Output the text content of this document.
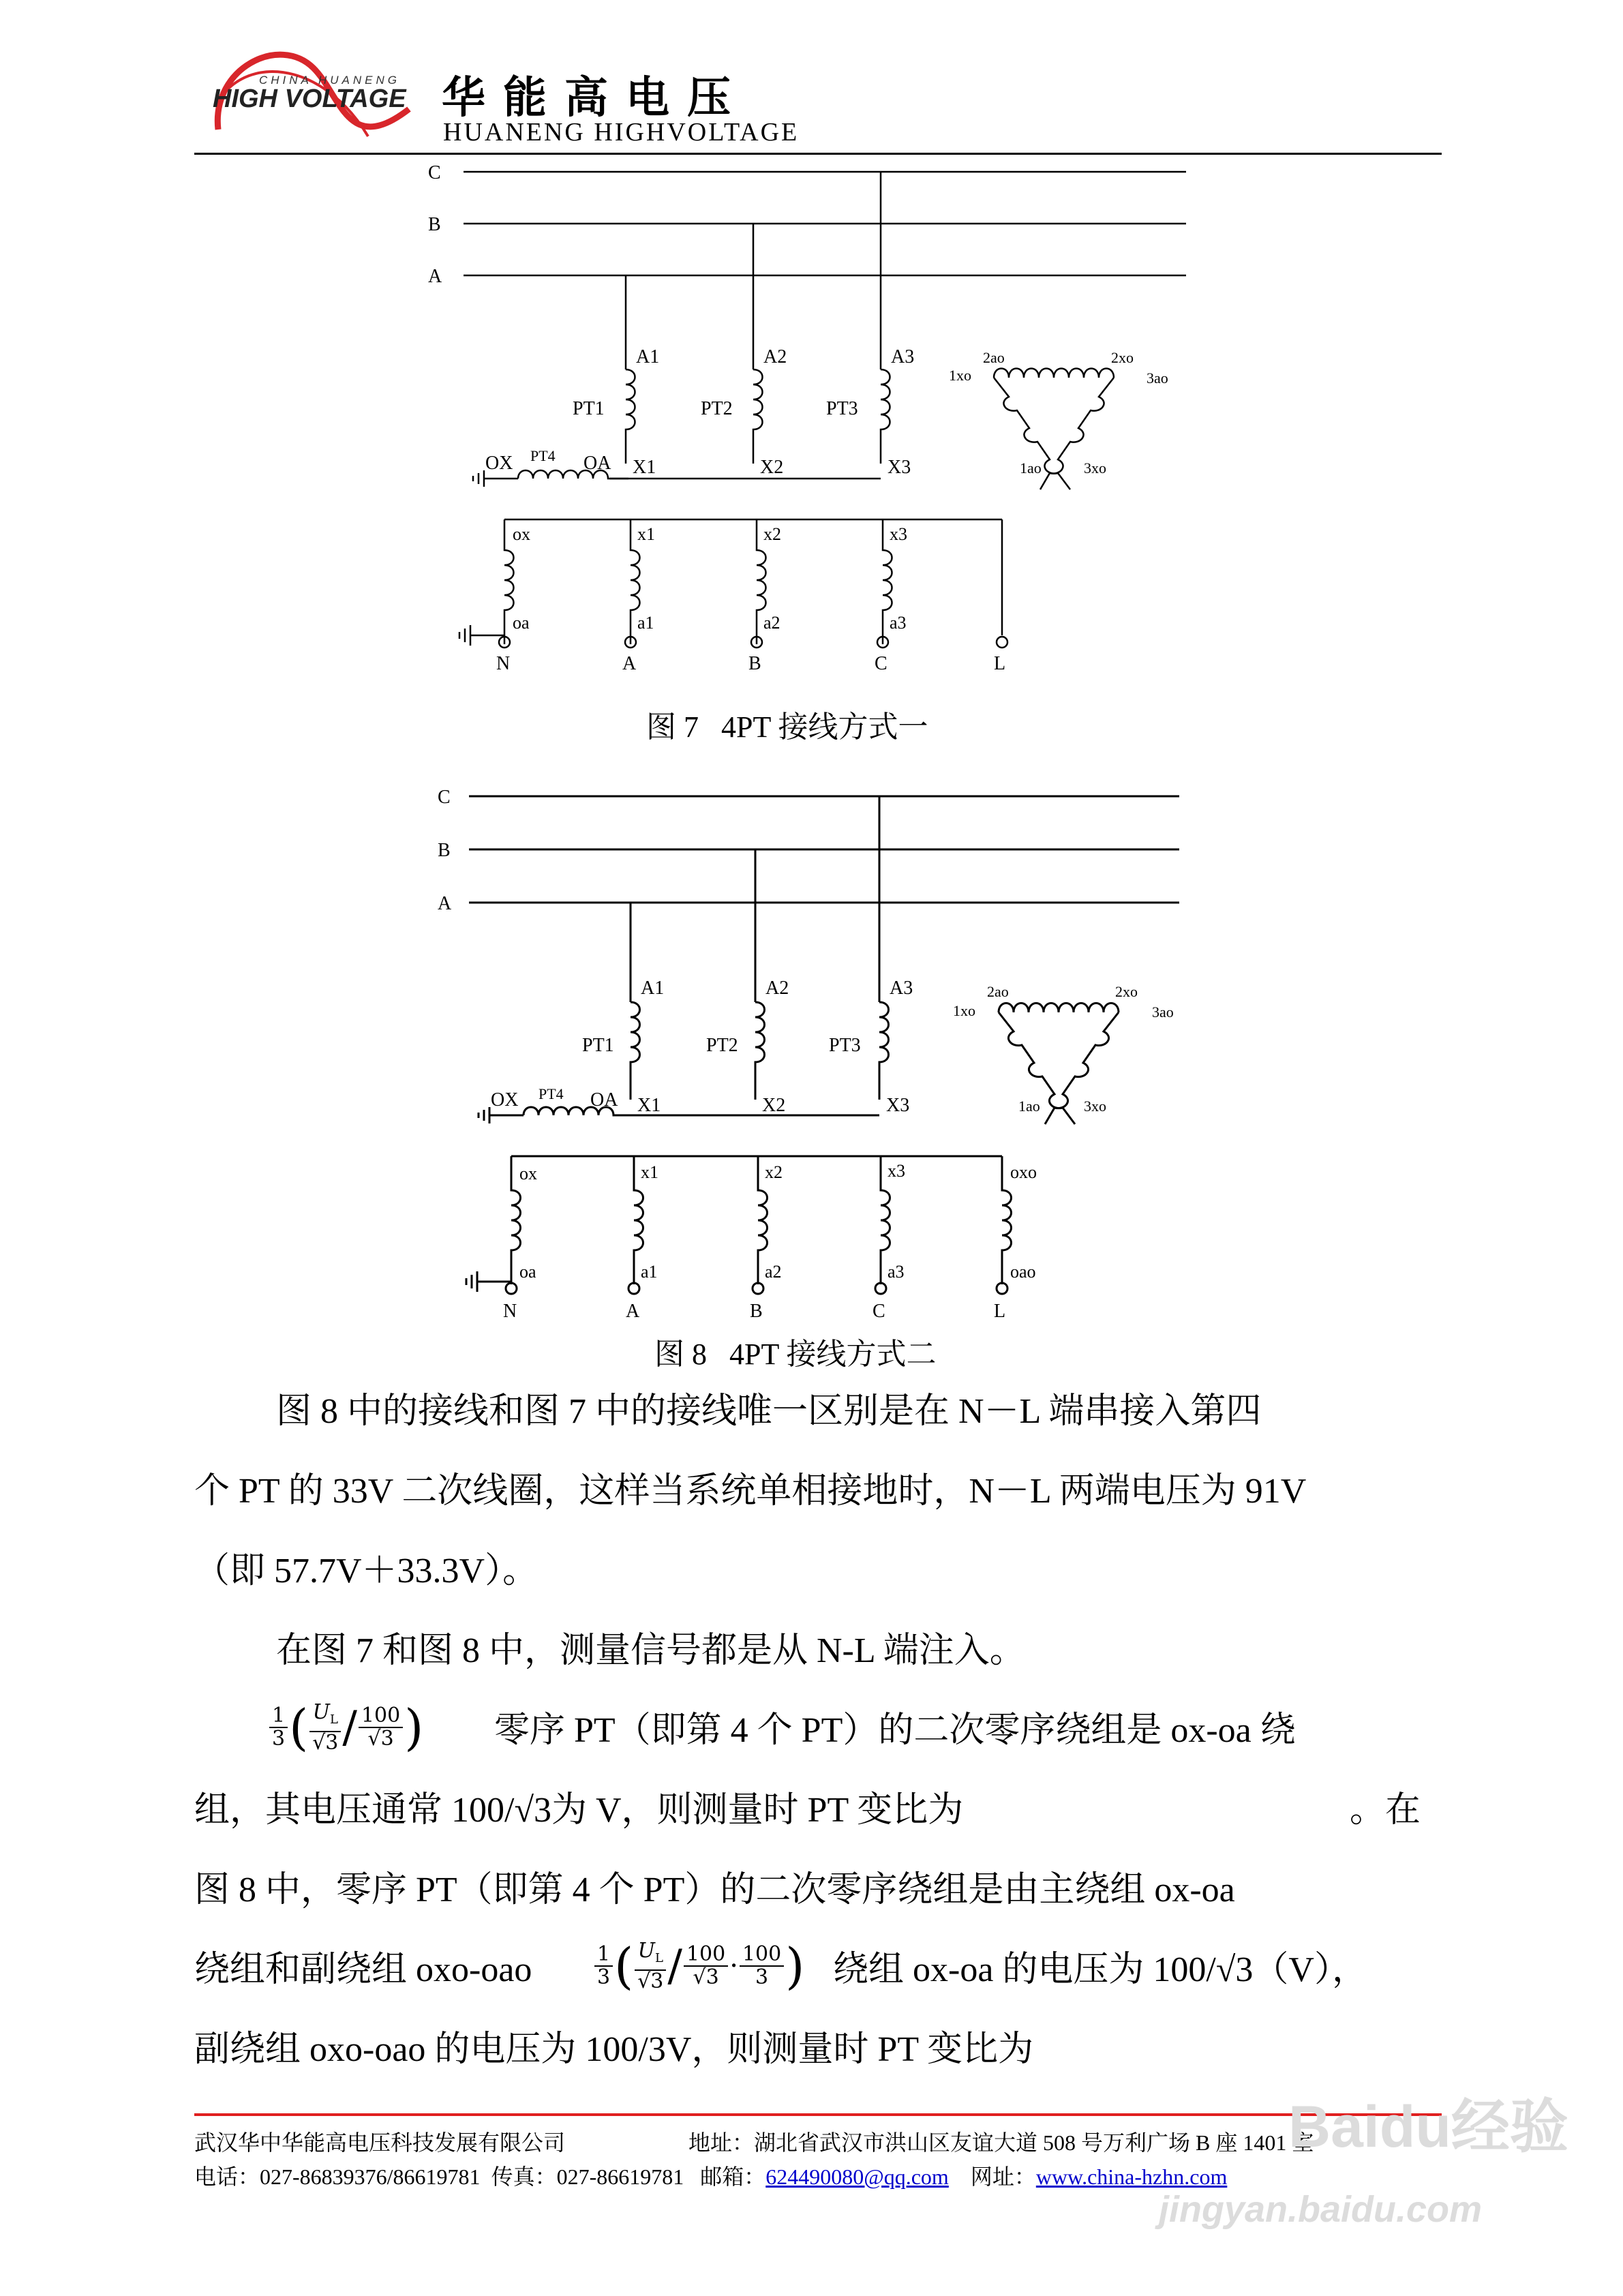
CHINA HUANENG
HIGH VOLTAGE 华能高电压
HUANENG HIGHVOLTAGE
C
B
A
A1	A2	A3
PT1	PT2	PT3
PT4
X1	X2	X3
OX	OA
ox	x1	x2	x3
oa	a1	a2	a3
N	A	B	C	L
2ao	2xo
1xo	3ao
1ao	3xo
图 7   4PT 接线方式一
C
B
A
A1	A2	A3
PT1	PT2	PT3
PT4
X1	X2	X3
OX	OA
ox	x1	x2	x3	oxo
oa	a1	a2	a3	oao
N	A	B	C	L
2ao	2xo
1xo	3ao
1ao	3xo
图 8   4PT 接线方式二
图 8 中的接线和图 7 中的接线唯一区别是在 N－L 端串接入第四
个 PT 的 33V 二次线圈，这样当系统单相接地时，N－L 两端电压为 91V
（即 57.7V＋33.3V）。
在图 7 和图 8 中，测量信号都是从 N-L 端注入。
$\frac{1}{3}$ ( $\frac{U_L}{√3} / \frac{100}{√3}$ ) 零序 PT（即第 4 个 PT）的二次零序绕组是 ox-oa 绕
组，其电压通常 100/√3为 V，则测量时 PT 变比为	。在
图 8 中，零序 PT（即第 4 个 PT）的二次零序绕组是由主绕组 ox-oa
绕组和副绕组 oxo-oao	$\frac{1}{3}$ ( $\frac{U_L}{√3} / \frac{100}{√3} \cdot \frac{100}{3}$ ) 绕组 ox-oa 的电压为 100/√3（V），
副绕组 oxo-oao 的电压为 100/3V，则测量时 PT 变比为
武汉华中华能高电压科技发展有限公司	地址：湖北省武汉市洪山区友谊大道 508 号万利广场 B 座 1401 室
电话：027-86839376/86619781 传真：027-86619781 邮箱：624490080@qq.com 网址：www.china-hzhn.com
Baidu经验
jingyan.baidu.com
